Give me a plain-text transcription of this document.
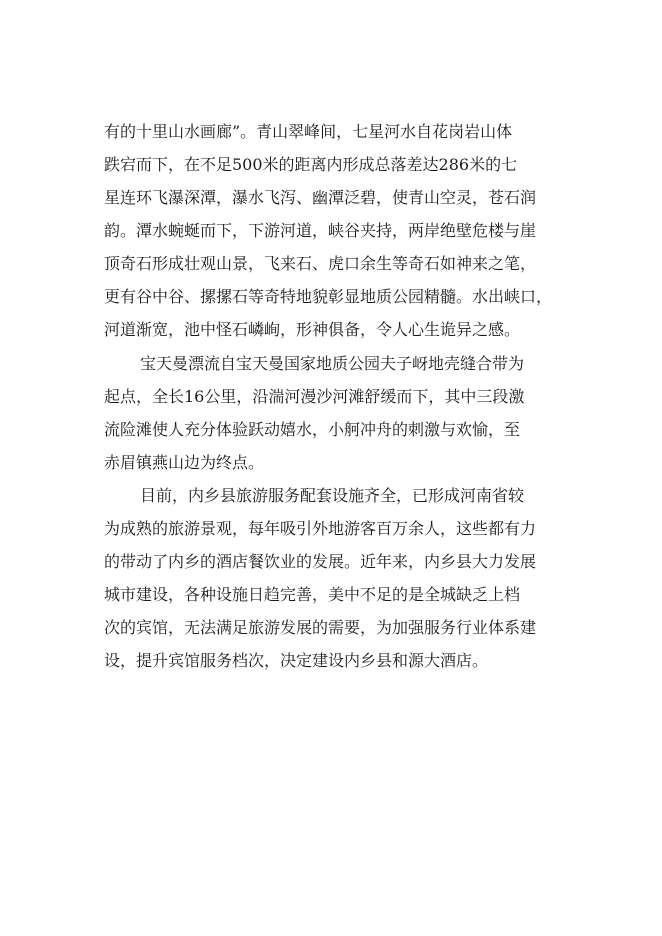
有的十里山水画廊”。青山翠峰间，七星河水自花岗岩山体
跌宕而下，在不足500米的距离内形成总落差达286米的七
星连环飞瀑深潭，瀑水飞泻、幽潭泛碧，使青山空灵，苍石润
韵。潭水蜿蜒而下，下游河道，峡谷夹持，两岸绝壁危楼与崖
顶奇石形成壮观山景，飞来石、虎口余生等奇石如神来之笔，
更有谷中谷、摞摞石等奇特地貌彰显地质公园精髓。水出峡口，
河道渐宽，池中怪石嶙峋，形神俱备，令人心生诡异之感。
宝天曼漂流自宝天曼国家地质公园夫子岈地壳缝合带为
起点，全长16公里，沿湍河漫沙河滩舒缓而下，其中三段激
流险滩使人充分体验跃动嬉水，小舸冲舟的刺激与欢愉，至
赤眉镇燕山边为终点。
目前，内乡县旅游服务配套设施齐全，已形成河南省较
为成熟的旅游景观，每年吸引外地游客百万余人，这些都有力
的带动了内乡的酒店餐饮业的发展。近年来，内乡县大力发展
城市建设，各种设施日趋完善，美中不足的是全城缺乏上档
次的宾馆，无法满足旅游发展的需要，为加强服务行业体系建
设，提升宾馆服务档次，决定建设内乡县和源大酒店。
